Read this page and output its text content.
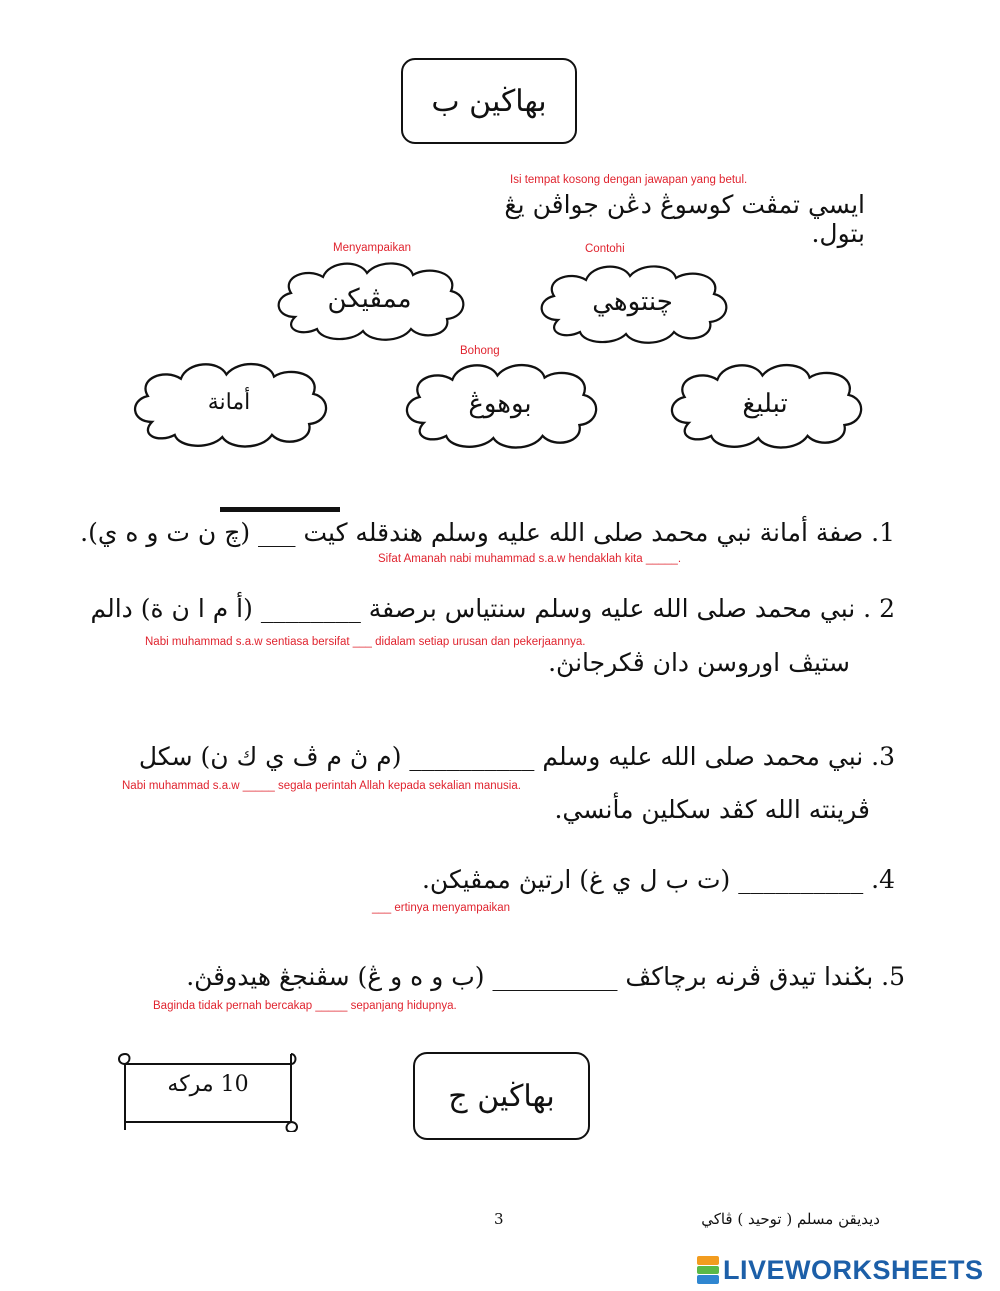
بهاڬين ب
Isi tempat kosong dengan jawapan yang betul.
ايسي تمڤت كوسوڠ دڠن جواڤن يڠ بتول.
Menyampaikan	Contohi
Bohong
ممڤيكن	چنتوهي
أمانة	بوهوڠ	تبليغ
1. صفة أمانة نبي محمد صلى الله عليه وسلم هندقله كيت ___ (چ ن ت و ه ي).
Sifat Amanah nabi muhammad s.a.w hendaklah kita _____.
2 . نبي محمد صلى الله عليه وسلم سنتياس برصفة ________ (أ م ا ن ة) دالم
Nabi muhammad s.a.w sentiasa bersifat ___ didalam setiap urusan dan pekerjaannya.
ستيڤ اوروسن دان ڤكرجانڽ.
3. نبي محمد صلى الله عليه وسلم __________ (م ڽ م ڤ ي ك ن) سكل
Nabi muhammad s.a.w _____ segala perintah Allah kepada sekalian manusia.
ڤرينته الله كڤد سكلين مأنسي.
4. __________ (ت ب ل ي غ) ارتيڽ ممڤيكن.
___ ertinya menyampaikan
5. بݢندا تيدق ڤرنه برچاكڤ __________ (ب و ه و ڠ) سڤنجڠ هيدوڤڽ.
Baginda tidak pernah bercakap _____ sepanjang hidupnya.
10 مركه	بهاڬين ج
3	ديديقن مسلم ( توحيد ) ڤاكي
LIVEWORKSHEETS
